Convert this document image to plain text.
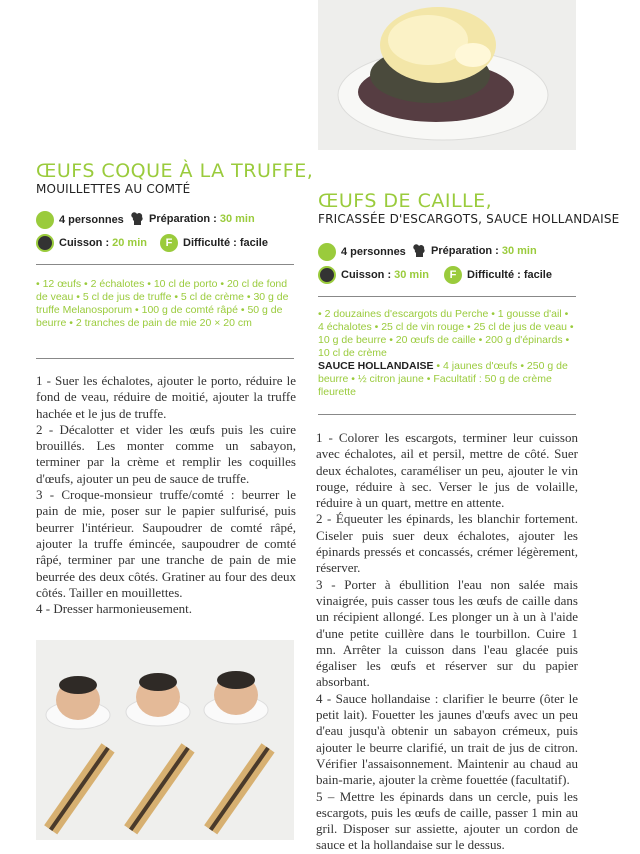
ŒUFS COQUE À LA TRUFFE,
MOUILLETTES AU COMTÉ
4 personnes Préparation : 30 min
Cuisson : 20 min	F Difficulté : facile
• 12 œufs • 2 échalotes • 10 cl de porto • 20 cl de fond de veau • 5 cl de jus de truffe • 5 cl de crème • 30 g de truffe Melanosporum • 100 g de comté râpé • 50 g de beurre • 2 tranches de pain de mie 20 × 20 cm

1 - Suer les échalotes, ajouter le porto, réduire le fond de veau, réduire de moitié, ajouter la truffe hachée et le jus de truffe.

2 - Décalotter et vider les œufs puis les cuire brouillés. Les monter comme un sabayon, terminer par la crème et remplir les coquilles d'œufs, ajouter un peu de sauce de truffe.

3 - Croque-monsieur truffe/comté : beurrer le pain de mie, poser sur le papier sulfurisé, puis beurrer l'intérieur. Saupoudrer de comté râpé, ajouter la truffe émincée, saupoudrer de comté râpé, terminer par une tranche de pain de mie beurrée des deux côtés. Gratiner au four des deux côtés. Tailler en mouillettes.

4 - Dresser harmonieusement.

ŒUFS DE CAILLE,
FRICASSÉE D'ESCARGOTS, SAUCE HOLLANDAISE
4 personnes Préparation : 30 min
Cuisson : 30 min	F Difficulté : facile
• 2 douzaines d'escargots du Perche • 1 gousse d'ail • 4 échalotes • 25 cl de vin rouge • 25 cl de jus de veau • 10 g de beurre • 20 œufs de caille • 200 g d'épinards • 10 cl de crème
SAUCE HOLLANDAISE • 4 jaunes d'œufs • 250 g de beurre • ½ citron jaune • Facultatif : 50 g de crème fleurette

1 - Colorer les escargots, terminer leur cuisson avec échalotes, ail et persil, mettre de côté. Suer deux échalotes, caraméliser un peu, ajouter le vin rouge, réduire à sec. Verser le jus de volaille, réduire à un quart, mettre en attente.

2 - Équeuter les épinards, les blanchir fortement. Ciseler puis suer deux échalotes, ajouter les épinards pressés et concassés, crémer légèrement, réserver.

3 - Porter à ébullition l'eau non salée mais vinaigrée, puis casser tous les œufs de caille dans un récipient allongé. Les plonger un à un à l'aide d'une petite cuillère dans le tourbillon. Cuire 1 mn. Arrêter la cuisson dans l'eau glacée puis égaliser les œufs et réserver sur du papier absorbant.

4 - Sauce hollandaise : clarifier le beurre (ôter le petit lait). Fouetter les jaunes d'œufs avec un peu d'eau jusqu'à obtenir un sabayon crémeux, puis ajouter le beurre clarifié, un trait de jus de citron. Vérifier l'assaisonnement. Maintenir au chaud au bain-marie, ajouter la crème fouettée (facultatif).

5 – Mettre les épinards dans un cercle, puis les escargots, puis les œufs de caille, passer 1 min au gril. Disposer sur assiette, ajouter un cordon de sauce et la hollandaise sur le dessus.
